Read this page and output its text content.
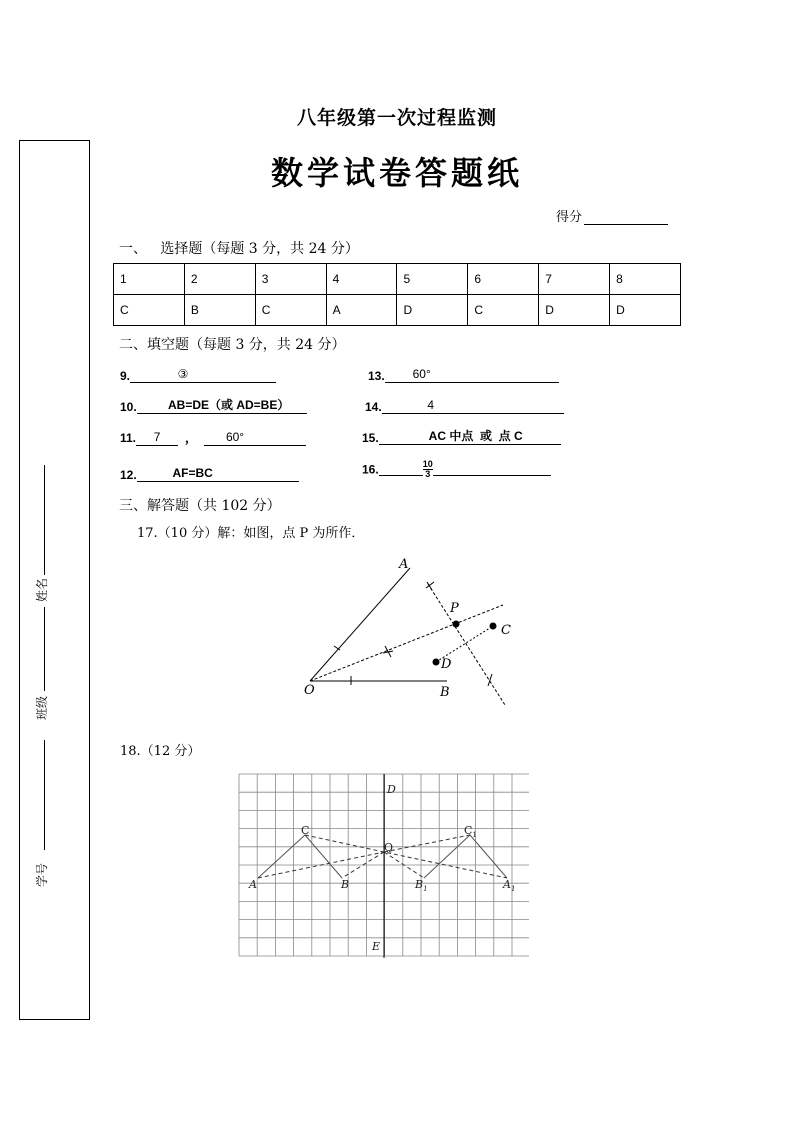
八年级第一次过程监测
数学试卷答题纸
得分
一、   选择题（每题 3 分，共 24 分）
1	2	3	4	5	6	7	8
C	B	C	A	D	C	D	D
二、填空题（每题 3 分，共 24 分）
9.	③	13. 60°
10.	AB=DE（或 AD=BE）	14.	4
11. 7 ， 60°	15.	AC 中点  或  点 C
12.	AF=BC	16.	$\frac{10}{3}$
三、解答题（共 102 分）
17.（10 分）解：如图，点 P 为所作．
A
P
C
D
O	B
18.（12 分）
D
C	$C_1$
Q
A	B	$B_1$	$A_1$
E
姓名
班级
学号
